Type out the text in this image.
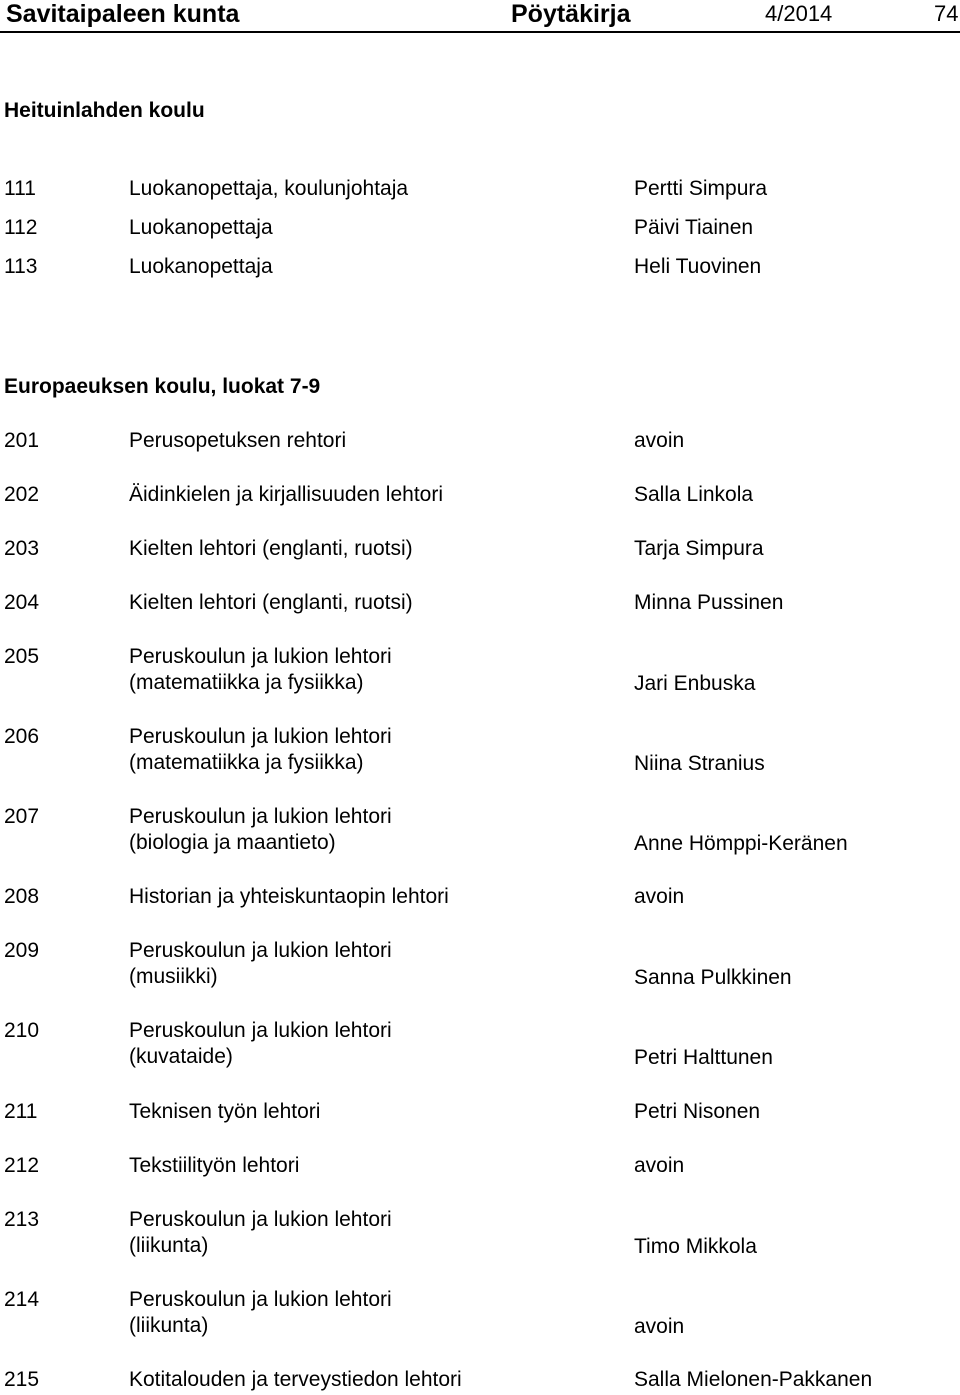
Savitaipaleen kunta	Pöytäkirja	4/2014	74
Heituinlahden koulu
111	Luokanopettaja, koulunjohtaja	Pertti Simpura
112	Luokanopettaja	Päivi Tiainen
113	Luokanopettaja	Heli Tuovinen
Europaeuksen koulu, luokat 7-9
201	Perusopetuksen rehtori	avoin
202	Äidinkielen ja kirjallisuuden lehtori	Salla Linkola
203	Kielten lehtori (englanti, ruotsi)	Tarja Simpura
204	Kielten lehtori (englanti, ruotsi)	Minna Pussinen
205	Peruskoulun ja lukion lehtori
(matematiikka ja fysiikka)	Jari Enbuska
206	Peruskoulun ja lukion lehtori
(matematiikka ja fysiikka)	Niina Stranius
207	Peruskoulun ja lukion lehtori
(biologia ja maantieto)	Anne Hömppi-Keränen
208	Historian ja yhteiskuntaopin lehtori	avoin
209	Peruskoulun ja lukion lehtori
(musiikki)	Sanna Pulkkinen
210	Peruskoulun ja lukion lehtori
(kuvataide)	Petri Halttunen
211	Teknisen työn lehtori	Petri Nisonen
212	Tekstiilityön lehtori	avoin
213	Peruskoulun ja lukion lehtori
(liikunta)	Timo Mikkola
214	Peruskoulun ja lukion lehtori
(liikunta)	avoin
215	Kotitalouden ja terveystiedon lehtori	Salla Mielonen-Pakkanen
